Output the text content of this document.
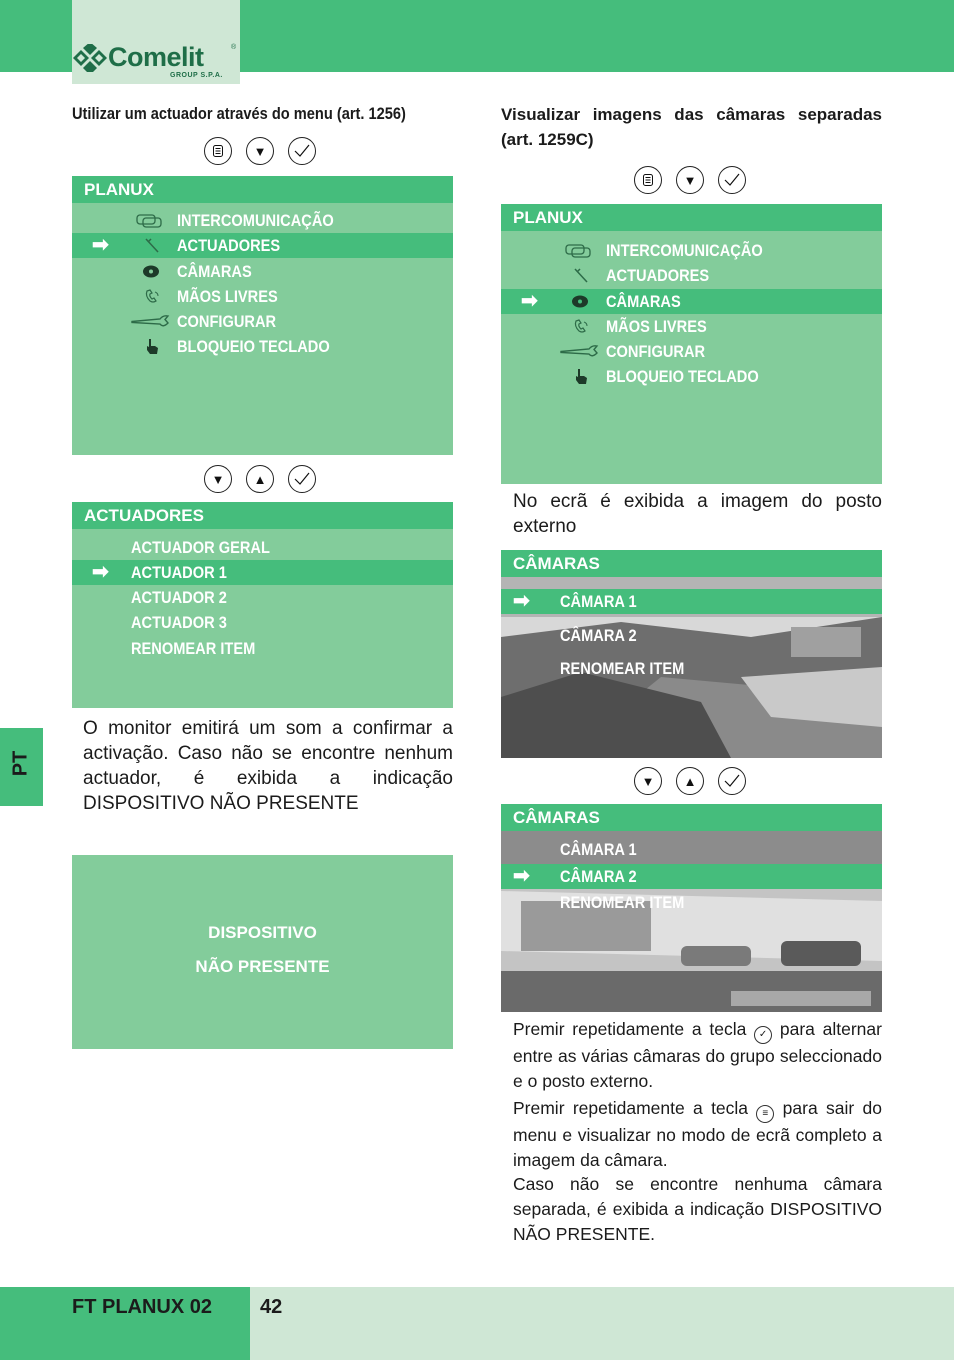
Comelit	®
GROUP S.P.A.
Utilizar um actuador através do menu (art. 1256)
▼
PLANUX
INTERCOMUNICAÇÃO
➡	ACTUADORES
CÂMARAS
MÃOS LIVRES
CONFIGURAR
BLOQUEIO TECLADO
▼	▲
ACTUADORES
ACTUADOR GERAL
➡ ACTUADOR 1
ACTUADOR 2
ACTUADOR 3
RENOMEAR ITEM
O monitor emitirá um som a confirmar a activação. Caso não se encontre nenhum actuador, é exibida a indicação DISPOSITIVO NÃO PRESENTE
DISPOSITIVO
NÃO PRESENTE
PT
Visualizar imagens das câmaras separadas (art. 1259C)
▼
PLANUX
INTERCOMUNICAÇÃO
ACTUADORES
➡	CÂMARAS
MÃOS LIVRES
CONFIGURAR
BLOQUEIO TECLADO
No ecrã é exibida a imagem do posto externo
CÂMARAS
➡ CÂMARA 1
CÂMARA 2
RENOMEAR ITEM
▼	▲
CÂMARAS
CÂMARA 1
➡ CÂMARA 2
RENOMEAR ITEM
Premir repetidamente a tecla ✓ para alternar entre as várias câmaras do grupo seleccionado e o posto externo.
Premir repetidamente a tecla ≡ para sair do menu e visualizar no modo de ecrã completo a imagem da câmara.
Caso não se encontre nenhuma câmara separada, é exibida a indicação DISPOSITIVO NÃO PRESENTE.
FT PLANUX 02 42
